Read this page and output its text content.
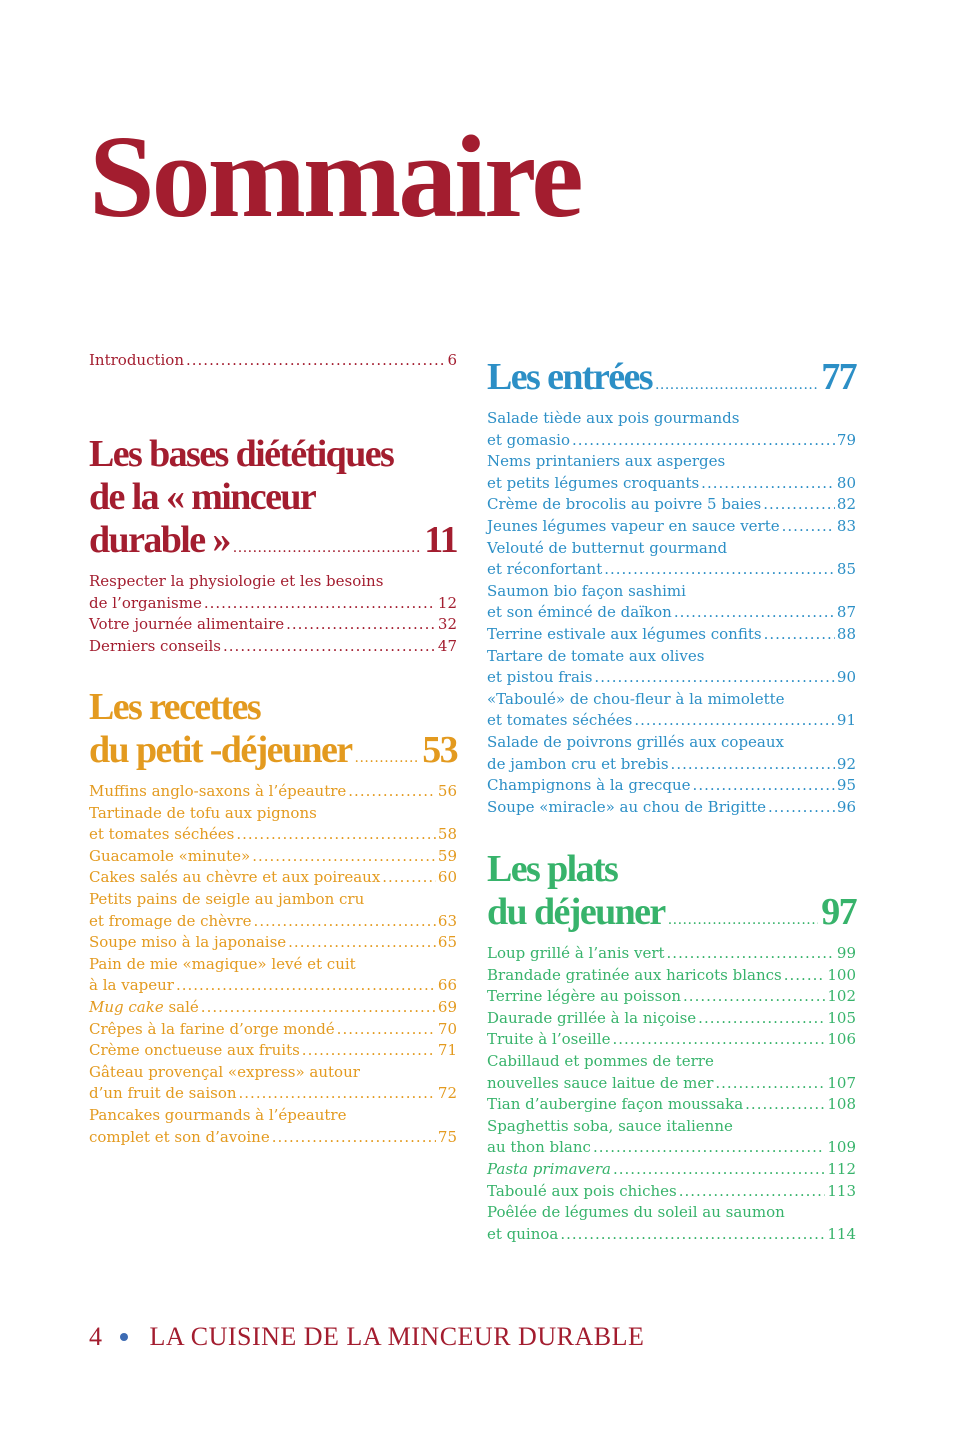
Sommaire
Introduction .....	6
Les bases diététiques
de la « minceur
durable » .....	11
Respecter la physiologie et les besoins
de l’organisme .....	12
Votre journée alimentaire .....	32
Derniers conseils .....	47
Les recettes
du petit -déjeuner ..... 53
Muffins anglo-saxons à l’épeautre .....	56
Tartinade de tofu aux pignons
et tomates séchées .....	58
Guacamole «minute» .....	59
Cakes salés au chèvre et aux poireaux .....	60
Petits pains de seigle au jambon cru
et fromage de chèvre .....	63
Soupe miso à la japonaise .....	65
Pain de mie «magique» levé et cuit
à la vapeur .....	66
Mug cake salé .....	69
Crêpes à la farine d’orge mondé .....	70
Crème onctueuse aux fruits .....	71
Gâteau provençal «express» autour
d’un fruit de saison .....	72
Pancakes gourmands à l’épeautre
complet et son d’avoine .....	75
Les entrées .....	77
Salade tiède aux pois gourmands
et gomasio .....	79
Nems printaniers aux asperges
et petits légumes croquants .....	80
Crème de brocolis au poivre 5 baies .....	82
Jeunes légumes vapeur en sauce verte .....	83
Velouté de butternut gourmand
et réconfortant .....	85
Saumon bio façon sashimi
et son émincé de daïkon .....	87
Terrine estivale aux légumes confits .....	88
Tartare de tomate aux olives
et pistou frais .....	90
«Taboulé» de chou-fleur à la mimolette
et tomates séchées .....	91
Salade de poivrons grillés aux copeaux
de jambon cru et brebis .....	92
Champignons à la grecque .....	95
Soupe «miracle» au chou de Brigitte .....	96
Les plats
du déjeuner .....	97
Loup grillé à l’anis vert .....	99
Brandade gratinée aux haricots blancs .....	100
Terrine légère au poisson .....	102
Daurade grillée à la niçoise .....	105
Truite à l’oseille .....	106
Cabillaud et pommes de terre
nouvelles sauce laitue de mer .....	107
Tian d’aubergine façon moussaka .....	108
Spaghettis soba, sauce italienne
au thon blanc .....	109
Pasta primavera .....	112
Taboulé aux pois chiches .....	113
Poêlée de légumes du soleil au saumon
et quinoa .....	114
4 LA CUISINE DE LA MINCEUR DURABLE
